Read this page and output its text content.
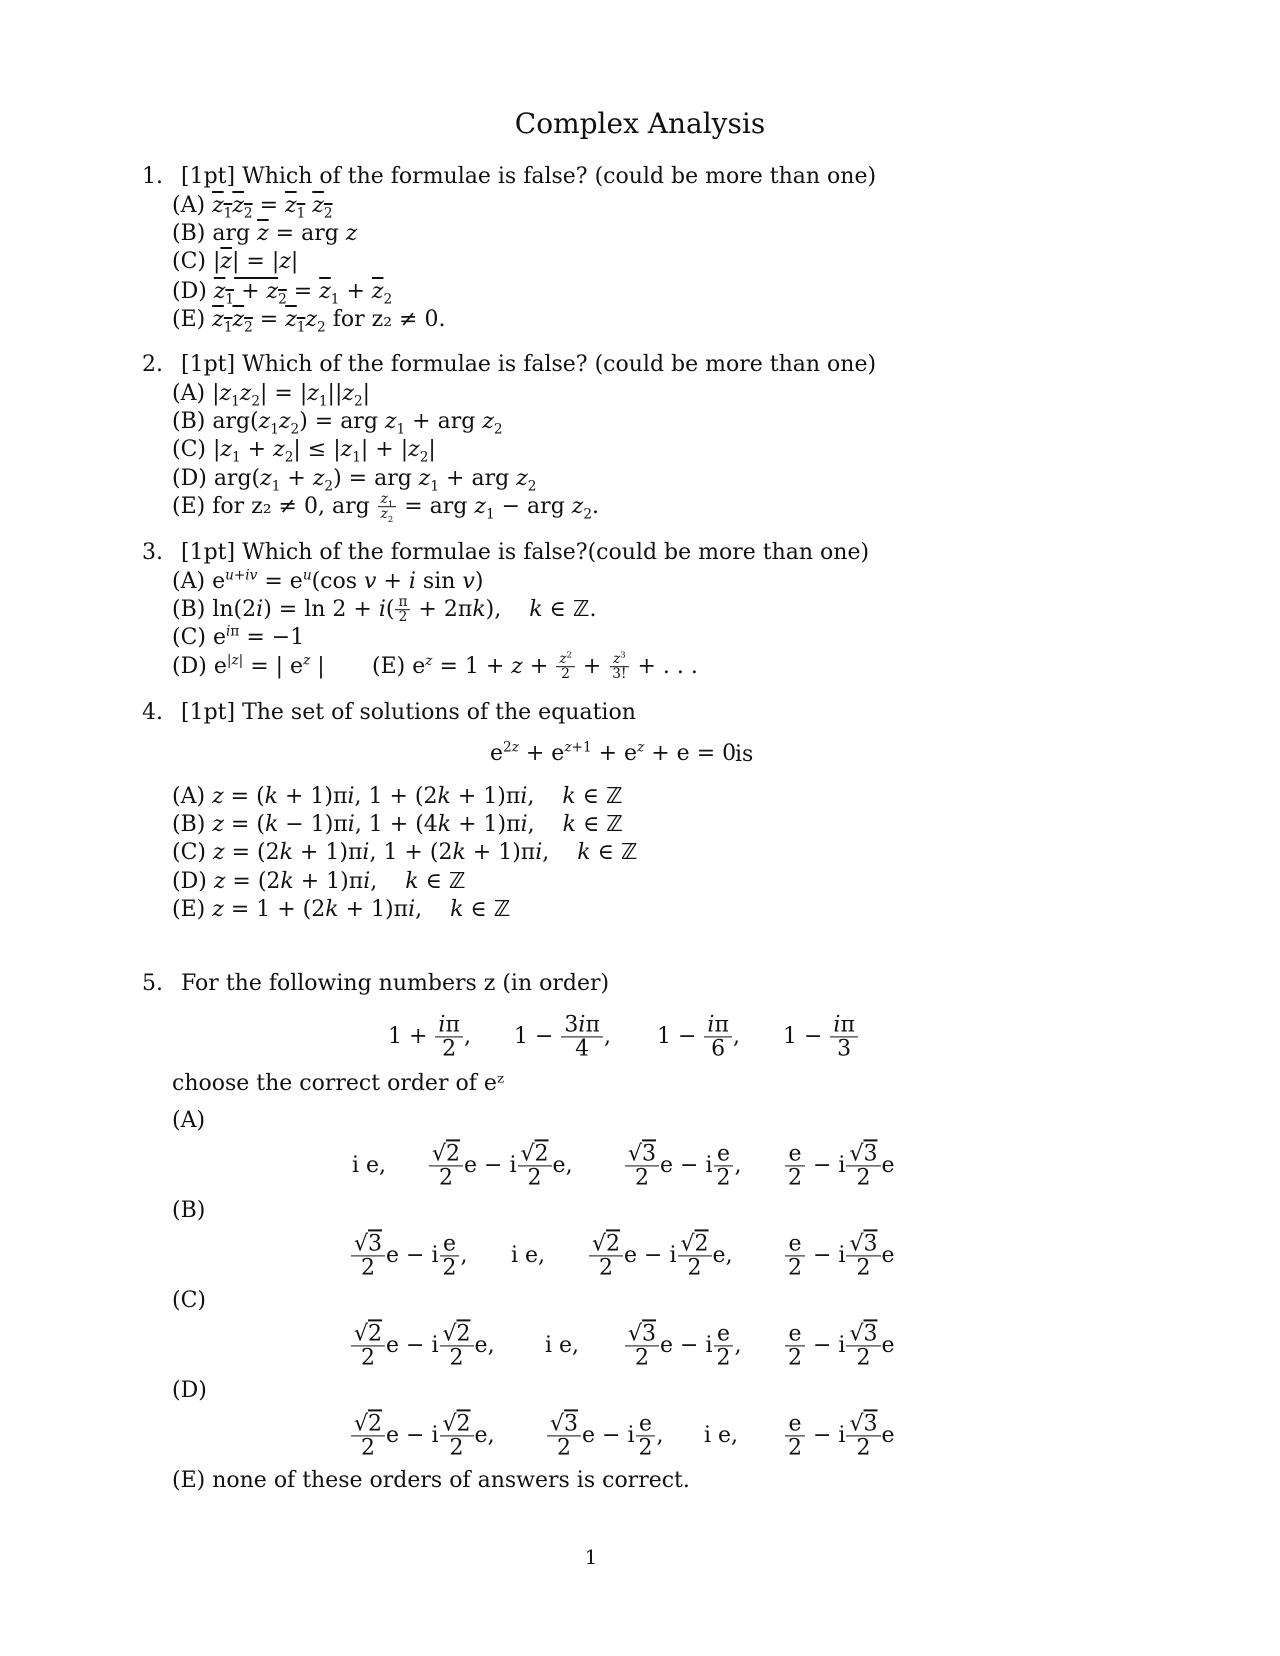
Complex Analysis
1. [1pt] Which of the formulae is false? (could be more than one)
(A) $z_1z_2 = z_1$ $z_2$
(B) arg $\overline{z}$ = arg z
(C) $|\overline{z}| = |z|$
(D) $z_1 + z_2 = \overline{z}_1 + \overline{z}_2$
(E) $z_1z_2 = z_1z_2$ for z₂ ≠ 0.
2. [1pt] Which of the formulae is false? (could be more than one)
(A) $|z_1z_2| = |z_1||z_2|$
(B) $arg(z_1z_2)$ = arg $z_1$ + arg $z_2$
(C) $|z_1 + z_2| \le |z_1| + |z_2|$
(D) $arg(z_1 + z_2)$ = arg $z_1$ + arg $z_2$
(E) for z₂ ≠ 0, arg $\frac{z_1}{z_2}$ = arg $z_1$ − arg $z_2$.
3. [1pt] Which of the formulae is false?(could be more than one)
(A) $e^{u+iv} = e^u(\cos$ v + i sin v)
(B) $\ln(2i) = \ln 2 + i( \frac{\pi}{2} + 2\pi k)$,    k ∈ ℤ.
(C) $e^{i\pi} = -1$
(D) $e^{|z|}$ = | $e^z$ | (E) $e^z = 1 + z + \frac{z^2}{2} + \frac{z^3}{3!}$ + . . .
4. [1pt] The set of solutions of the equation
$e^{2z} + e^{z+1} + e^z + e = 0$
is
(A) z = (k + 1)πi, 1 + (2k + 1)πi,    k ∈ ℤ
(B) z = (k − 1)πi, 1 + (4k + 1)πi,    k ∈ ℤ
(C) z = (2k + 1)πi, 1 + (2k + 1)πi,    k ∈ ℤ
(D) z = (2k + 1)πi,    k ∈ ℤ
(E) z = 1 + (2k + 1)πi,    k ∈ ℤ
5. For the following numbers z (in order)
$1 + \frac{i\pi}{2}$ , $1 - \frac{3i\pi}{4}$ , $1 - \frac{i\pi}{6}$ , $1 - \frac{i\pi}{3}$
choose the correct order of eᶻ
(A)
i e, $\frac{√2}{2}$ e − i $\frac{√2}{2} e$, $\frac{√3}{2}$ e − i $\frac{e}{2}$ , $\frac{e}{2} - i \frac{√3}{2}$ e
(B)
$\frac{√3}{2}$ e − i $\frac{e}{2}$ , i e, $\frac{√2}{2}$ e − i $\frac{√2}{2} e$, $\frac{e}{2} - i \frac{√3}{2}$ e
(C)
$\frac{√2}{2}$ e − i $\frac{√2}{2} e$, i e, $\frac{√3}{2}$ e − i $\frac{e}{2}$ , $\frac{e}{2} - i \frac{√3}{2}$ e
(D)
$\frac{√2}{2}$ e − i $\frac{√2}{2} e$, $\frac{√3}{2}$ e − i $\frac{e}{2}$ , i e, $\frac{e}{2} - i \frac{√3}{2}$ e
(E) none of these orders of answers is correct.
1
